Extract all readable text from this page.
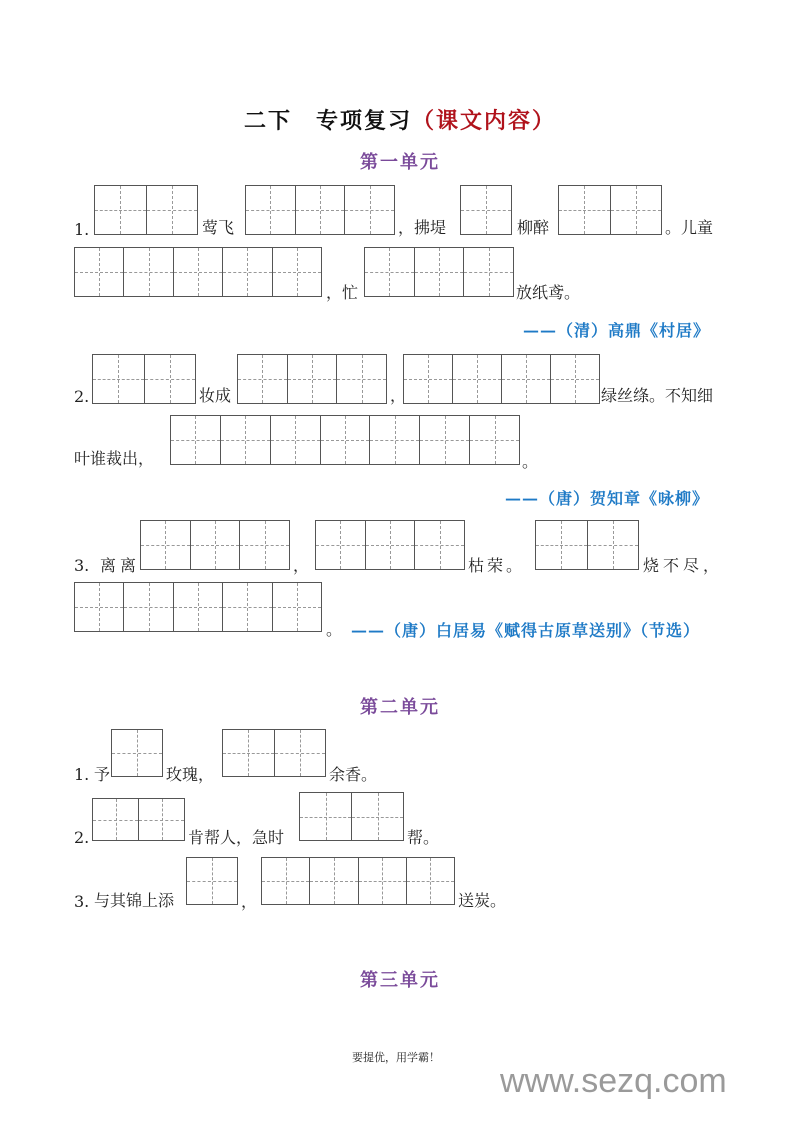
二下　专项复习（课文内容）
第一单元
1.	莺飞	，拂堤	柳醉	。儿童
，忙	放纸鸢。
——（清）高鼎《村居》
2.	妆成	，	绿丝绦。不知细
叶谁裁出，	。
——（唐）贺知章《咏柳》
3. 离离	，	枯荣。	烧不尽，
。 ——（唐）白居易《赋得古原草送别》（节选）
第二单元
1. 予	玫瑰，	余香。
2.	肯帮人，急时	帮。
3. 与其锦上添	，	送炭。
第三单元
要提优，用学霸！
www.sezq.com
